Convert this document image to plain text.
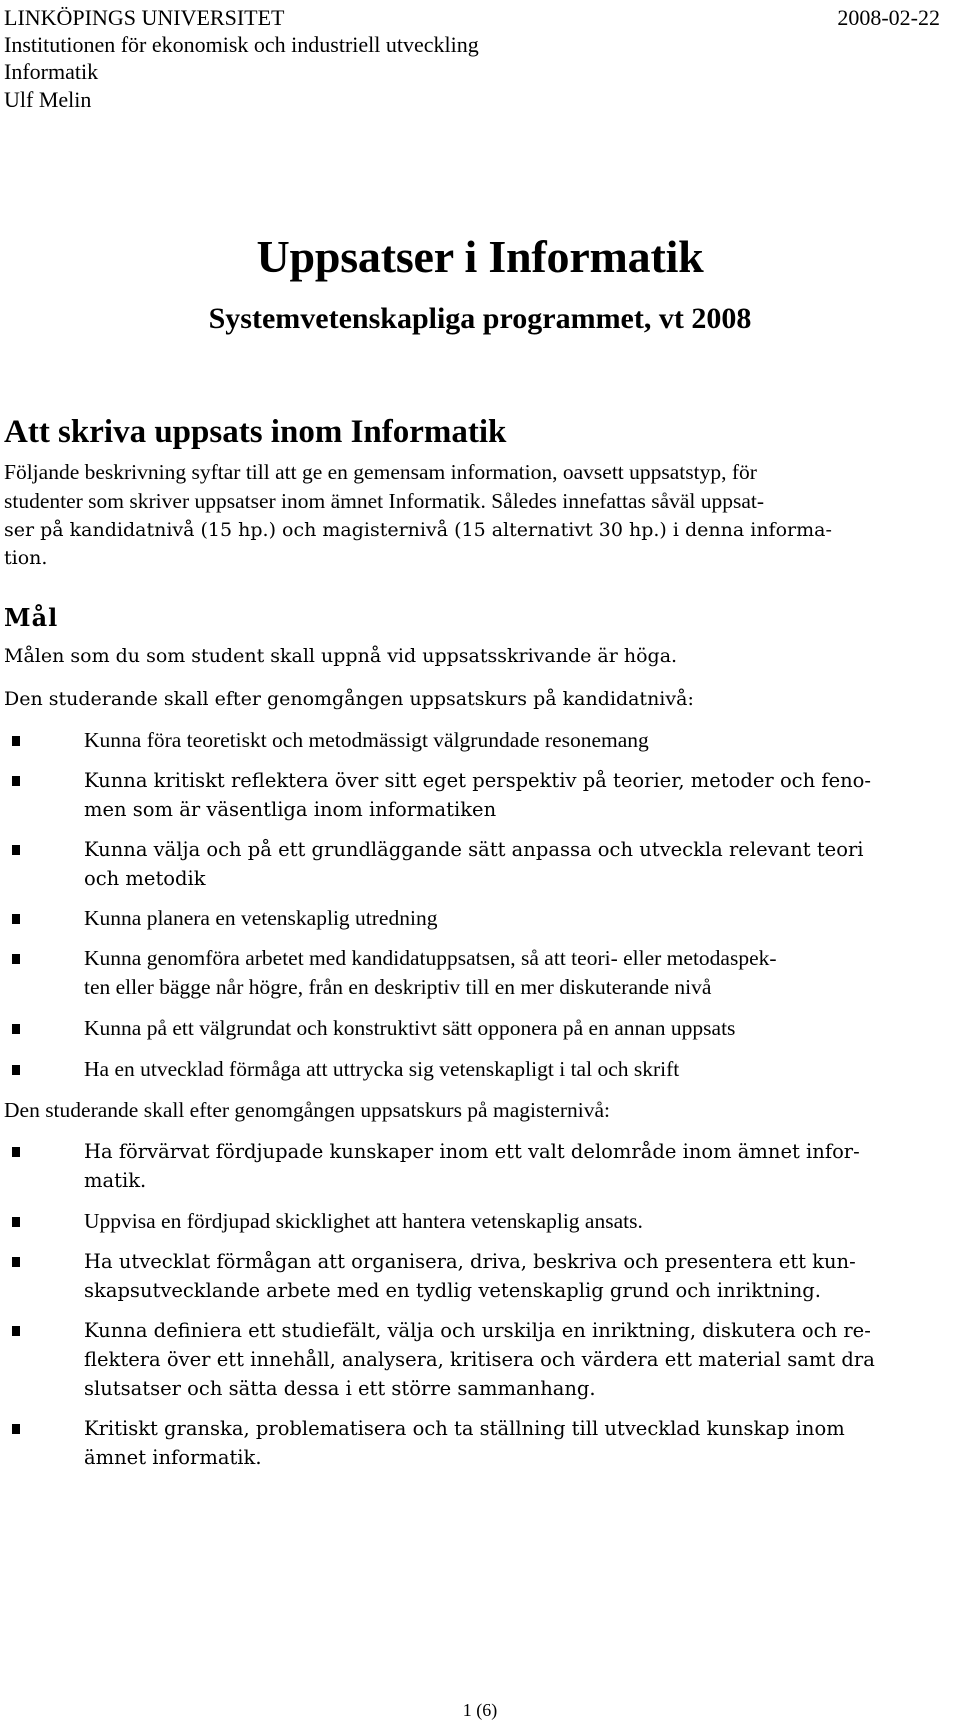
LINKÖPINGS UNIVERSITET	2008-02-22
Institutionen för ekonomisk och industriell utveckling
Informatik
Ulf Melin
Uppsatser i Informatik
Systemvetenskapliga programmet, vt 2008
Att skriva uppsats inom Informatik
Följande beskrivning syftar till att ge en gemensam information, oavsett uppsatstyp, för
studenter som skriver uppsatser inom ämnet Informatik. Således innefattas såväl uppsat-
ser på kandidatnivå (15 hp.) och magisternivå (15 alternativt 30 hp.) i denna informa-
tion.
Mål
Målen som du som student skall uppnå vid uppsatsskrivande är höga.
Den studerande skall efter genomgången uppsatskurs på kandidatnivå:
Kunna föra teoretiskt och metodmässigt välgrundade resonemang
Kunna kritiskt reflektera över sitt eget perspektiv på teorier, metoder och feno-
men som är väsentliga inom informatiken
Kunna välja och på ett grundläggande sätt anpassa och utveckla relevant teori
och metodik
Kunna planera en vetenskaplig utredning
Kunna genomföra arbetet med kandidatuppsatsen, så att teori- eller metodaspek-
ten eller bägge når högre, från en deskriptiv till en mer diskuterande nivå
Kunna på ett välgrundat och konstruktivt sätt opponera på en annan uppsats
Ha en utvecklad förmåga att uttrycka sig vetenskapligt i tal och skrift
Den studerande skall efter genomgången uppsatskurs på magisternivå:
Ha förvärvat fördjupade kunskaper inom ett valt delområde inom ämnet infor-
matik.
Uppvisa en fördjupad skicklighet att hantera vetenskaplig ansats.
Ha utvecklat förmågan att organisera, driva, beskriva och presentera ett kun-
skapsutvecklande arbete med en tydlig vetenskaplig grund och inriktning.
Kunna definiera ett studiefält, välja och urskilja en inriktning, diskutera och re-
flektera över ett innehåll, analysera, kritisera och värdera ett material samt dra
slutsatser och sätta dessa i ett större sammanhang.
Kritiskt granska, problematisera och ta ställning till utvecklad kunskap inom
ämnet informatik.
1 (6)
